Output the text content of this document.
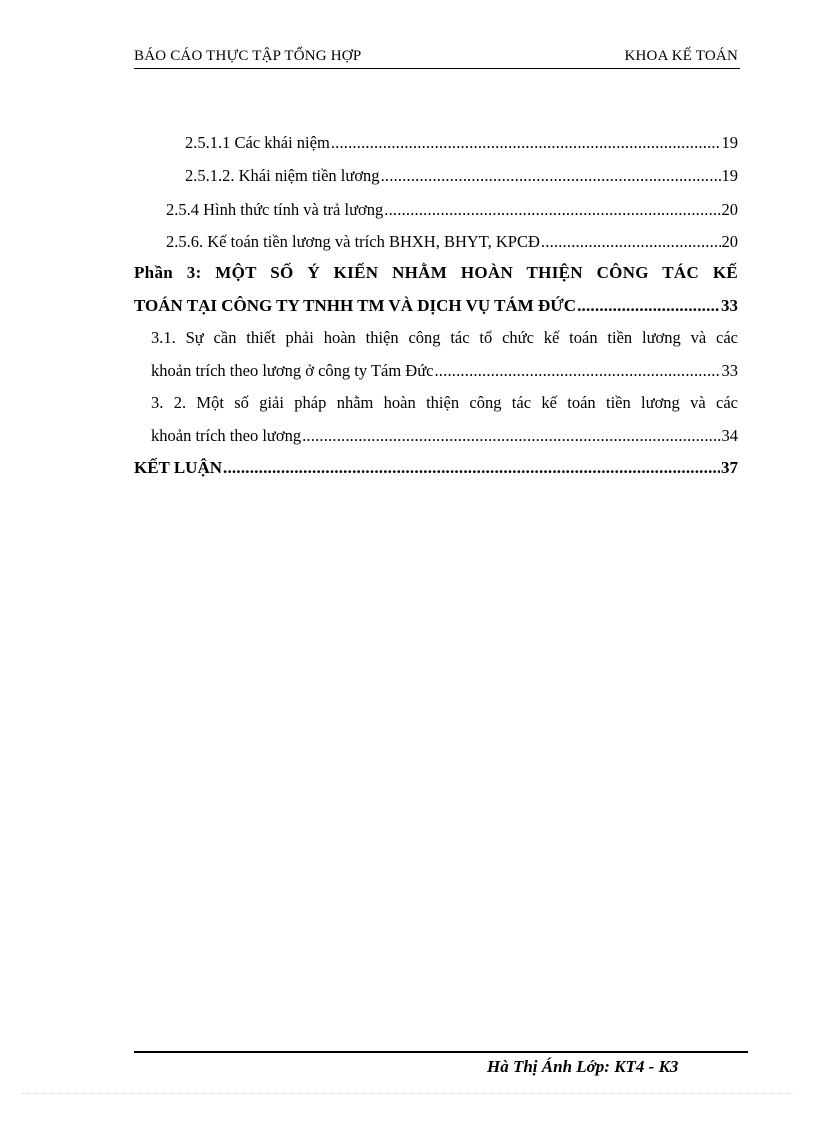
BÁO CÁO THỰC TẬP TỔNG HỢP	KHOA KẾ TOÁN
2.5.1.1 Các khái niệm .....	19
2.5.1.2. Khái niệm tiền lương .....	19
2.5.4 Hình thức tính và trả lương .....	20
2.5.6. Kế toán tiền lương và trích BHXH, BHYT, KPCĐ .....	20
Phần 3: MỘT SỐ Ý KIẾN NHẰM HOÀN THIỆN CÔNG TÁC KẾ
TOÁN TẠI CÔNG TY TNHH TM VÀ DỊCH VỤ TÁM ĐỨC .....	33
3.1. Sự cần thiết phải hoàn thiện công tác tổ chức kế toán tiền lương và các
khoản trích theo lương ở công ty Tám Đức .....	33
3. 2. Một số giải pháp nhằm hoàn thiện công tác kế toán tiền lương và các
khoản trích theo lương .....	34
KẾT LUẬN .....	37
Hà Thị Ánh Lớp: KT4 - K3
